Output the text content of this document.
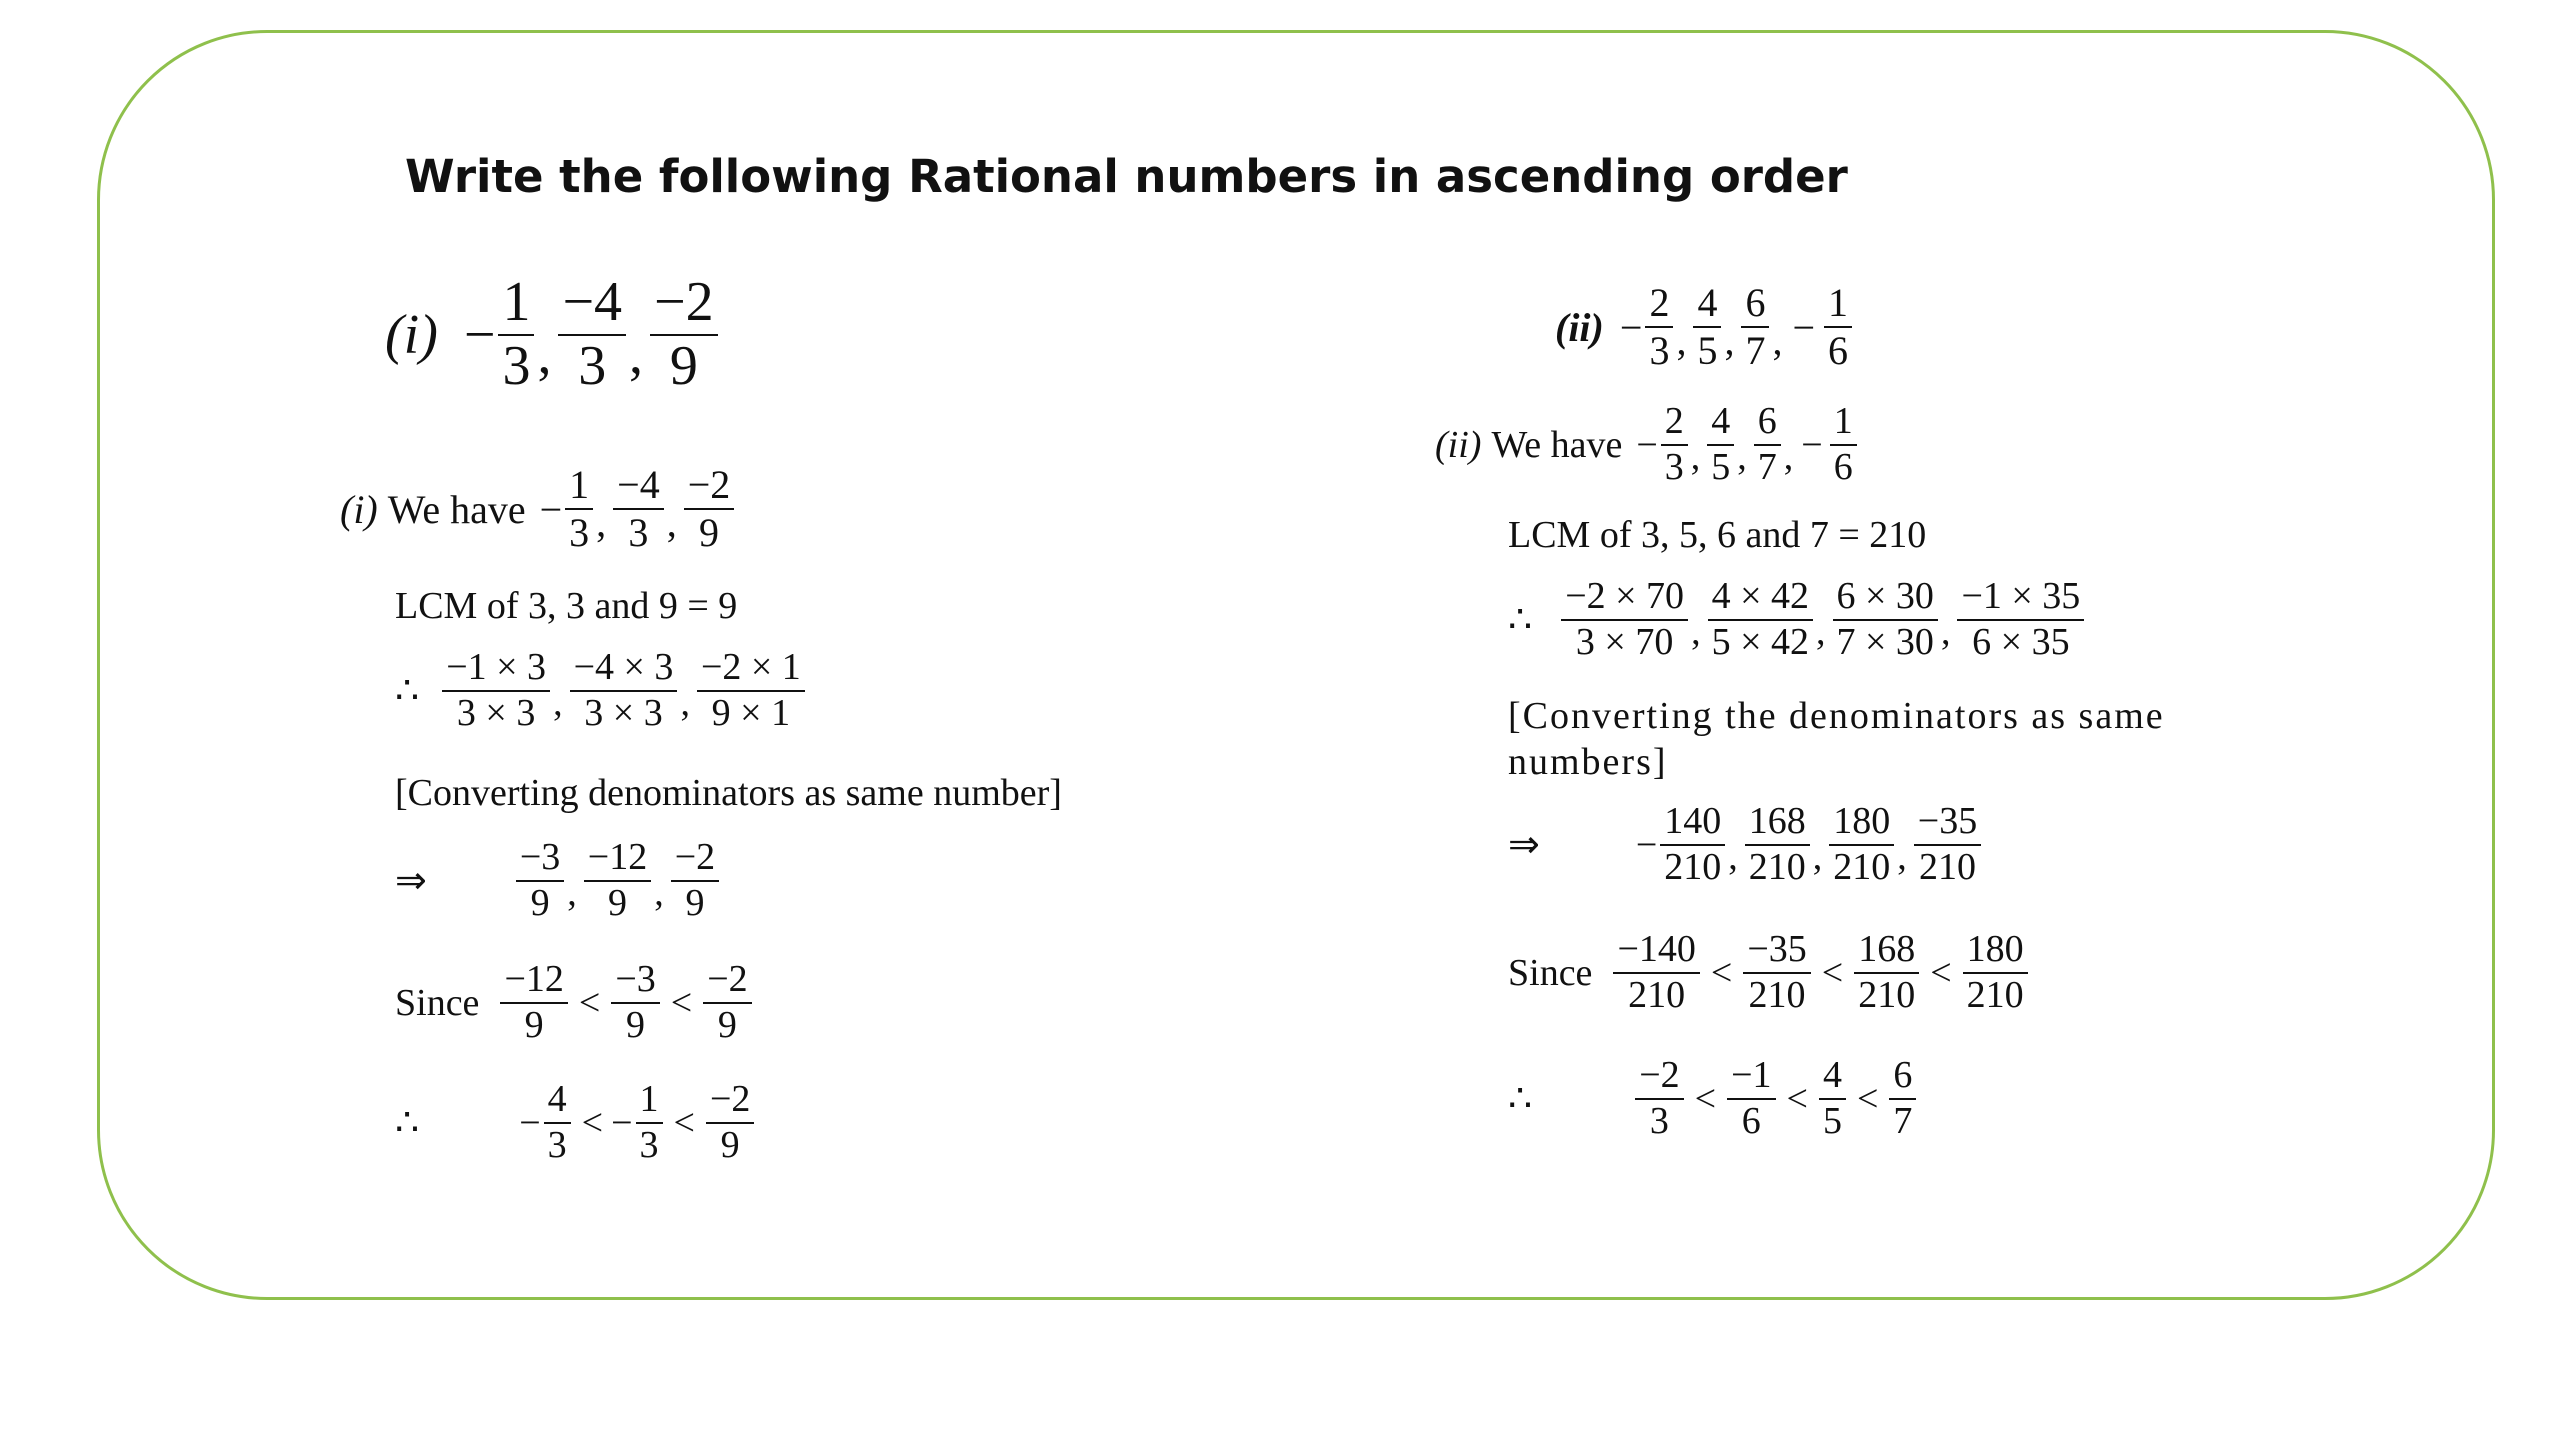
Write the following Rational numbers in ascending order
$(i) - \frac{1}{3}$ , $\frac{-4}{3}$ , $\frac{-2}{9}$
(i) We have − $\frac{1}{3}$ , $\frac{-4}{3}$ , $\frac{-2}{9}$
LCM of 3, 3 and 9 = 9
∴ $\frac{-1 \times 3}{3 \times 3}$ , $\frac{-4 \times 3}{3 \times 3}$ , $\frac{-2 \times 1}{9 \times 1}$
[Converting denominators as same number]
⇒ $\frac{-3}{9}$ , $\frac{-12}{9}$ , $\frac{-2}{9}$
Since $\frac{-12}{9} < \frac{-3}{9} < \frac{-2}{9}$
∴	− $\frac{4}{3}$ < − $\frac{1}{3} < \frac{-2}{9}$
$(ii) - \frac{2}{3}$ , $\frac{4}{5}$ , $\frac{6}{7}$ , − $\frac{1}{6}$
(ii) We have − $\frac{2}{3}$ , $\frac{4}{5}$ , $\frac{6}{7}$ , − $\frac{1}{6}$
LCM of 3, 5, 6 and 7 = 210
∴ $\frac{-2 \times 70}{3 \times 70}$ , $\frac{4 \times 42}{5 \times 42}$ , $\frac{6 \times 30}{7 \times 30}$ , $\frac{-1 \times 35}{6 \times 35}$
[Converting the denominators as same
numbers]
⇒	− $\frac{140}{210}$ , $\frac{168}{210}$ , $\frac{180}{210}$ , $\frac{-35}{210}$
Since $\frac{-140}{210} < \frac{-35}{210} < \frac{168}{210} < \frac{180}{210}$
∴	$\frac{-2}{3} < \frac{-1}{6} < \frac{4}{5} < \frac{6}{7}$
